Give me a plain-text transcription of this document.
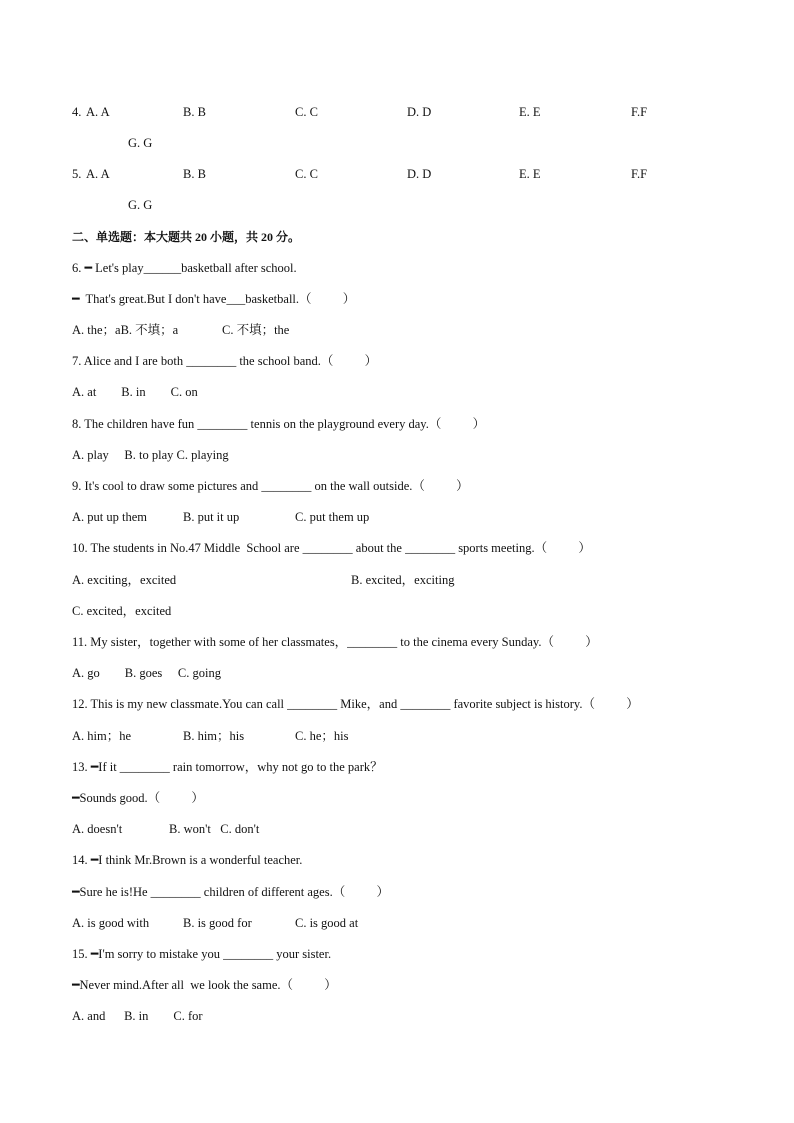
4. A. A	B. B	C. C	D. D	E. E	F.F
G. G
5. A. A	B. B	C. C	D. D	E. E	F.F
G. G
二、单选题：本大题共 20 小题，共 20 分。
6. ━ Let's play______basketball after school.
━  That's great.But I don't have___basketball.（          ）
A. the；aB. 不填；a              C. 不填；the
7. Alice and I are both ________ the school band.（          ）
A. at        B. in        C. on
8. The children have fun ________ tennis on the playground every day.（          ）
A. play     B. to play C. playing
9. It's cool to draw some pictures and ________ on the wall outside.（          ）
A. put up them	B. put it up	C. put them up
10. The students in No.47 Middle  School are ________ about the ________ sports meeting.（          ）
A. exciting，excited	B. excited，exciting
C. excited，excited
11. My sister，together with some of her classmates，________ to the cinema every Sunday.（          ）
A. go        B. goes     C. going
12. This is my new classmate.You can call ________ Mike，and ________ favorite subject is history.（          ）
A. him；he	B. him；his	C. he；his
13. ━If it ________ rain tomorrow，why not go to the park？
━Sounds good.（          ）
A. doesn't               B. won't   C. don't
14. ━I think Mr.Brown is a wonderful teacher.
━Sure he is!He ________ children of different ages.（          ）
A. is good with	B. is good for	C. is good at
15. ━I'm sorry to mistake you ________ your sister.
━Never mind.After all  we look the same.（          ）
A. and      B. in        C. for
